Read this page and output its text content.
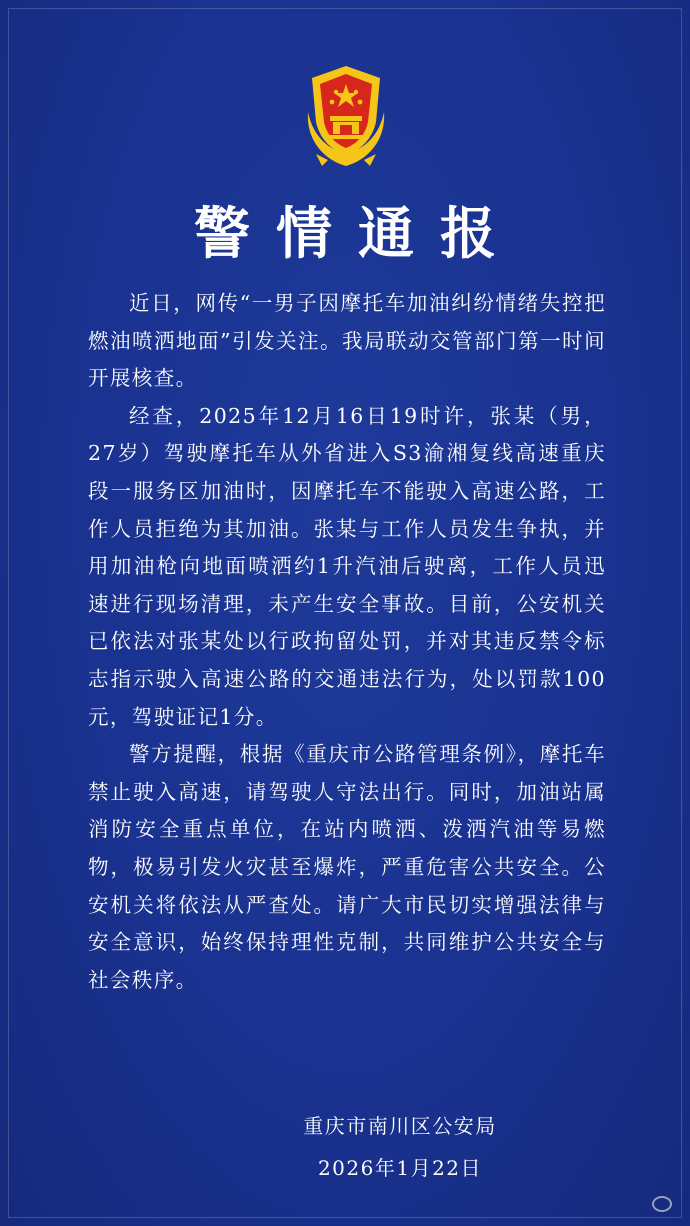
警情通报

近日，网传“一男子因摩托车加油纠纷情绪失控把燃油喷洒地面”引发关注。我局联动交管部门第一时间开展核查。

经查，2025年12月16日19时许，张某（男，27岁）驾驶摩托车从外省进入S3渝湘复线高速重庆段一服务区加油时，因摩托车不能驶入高速公路，工作人员拒绝为其加油。张某与工作人员发生争执，并用加油枪向地面喷洒约1升汽油后驶离，工作人员迅速进行现场清理，未产生安全事故。目前，公安机关已依法对张某处以行政拘留处罚，并对其违反禁令标志指示驶入高速公路的交通违法行为，处以罚款100元，驾驶证记1分。

警方提醒，根据《重庆市公路管理条例》，摩托车禁止驶入高速，请驾驶人守法出行。同时，加油站属消防安全重点单位，在站内喷洒、泼洒汽油等易燃物，极易引发火灾甚至爆炸，严重危害公共安全。公安机关将依法从严查处。请广大市民切实增强法律与安全意识，始终保持理性克制，共同维护公共安全与社会秩序。

重庆市南川区公安局
2026年1月22日
